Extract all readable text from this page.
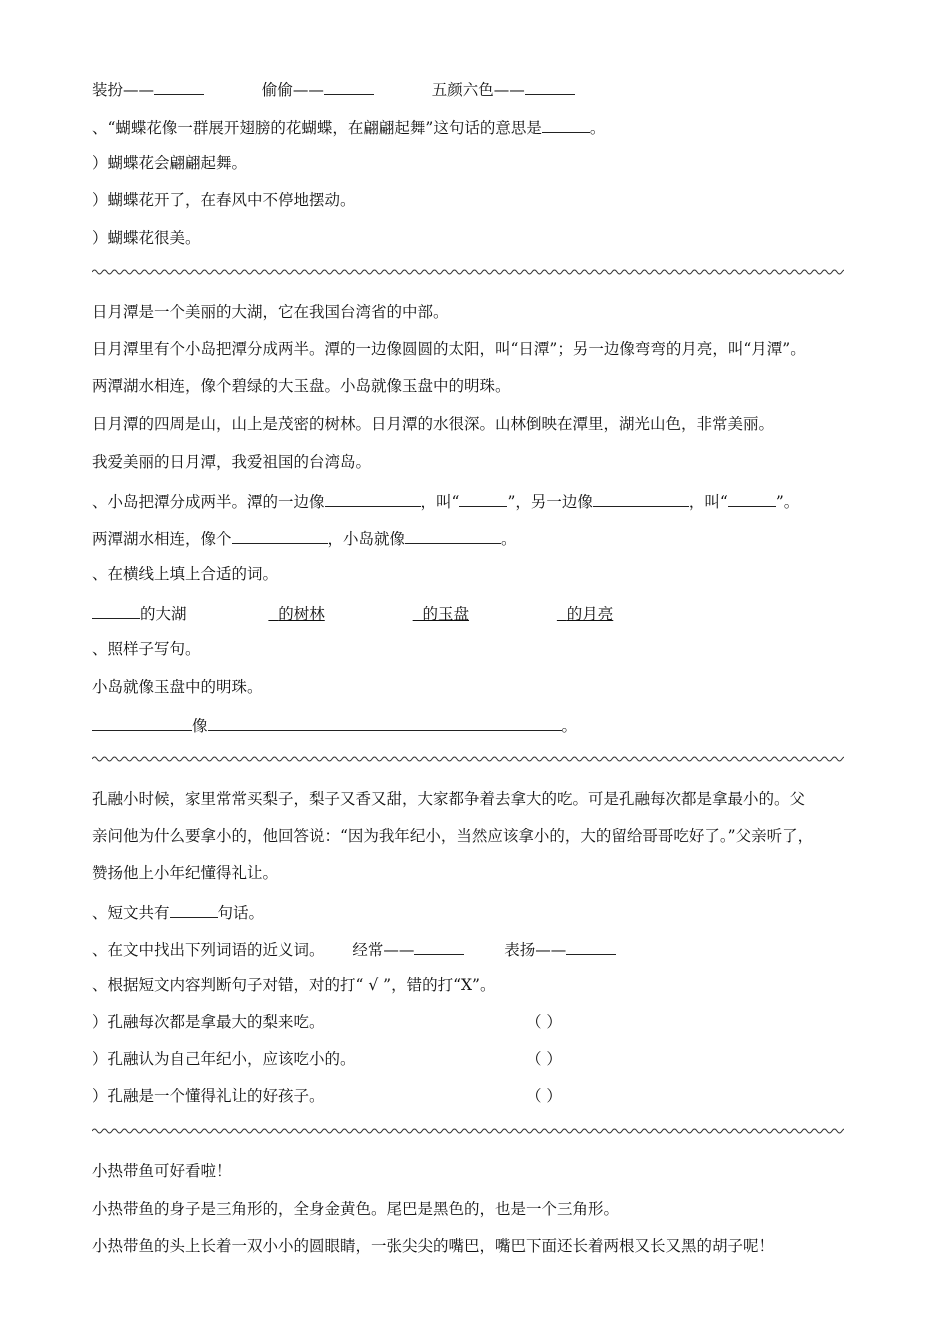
装扮——	偷偷——	五颜六色——
、“蝴蝶花像一群展开翅膀的花蝴蝶，在翩翩起舞”这句话的意思是	。
）蝴蝶花会翩翩起舞。
）蝴蝶花开了，在春风中不停地摆动。
）蝴蝶花很美。
日月潭是一个美丽的大湖，它在我国台湾省的中部。
日月潭里有个小岛把潭分成两半。潭的一边像圆圆的太阳，叫“日潭”；另一边像弯弯的月亮，叫“月潭”。
两潭湖水相连，像个碧绿的大玉盘。小岛就像玉盘中的明珠。
日月潭的四周是山，山上是茂密的树林。日月潭的水很深。山林倒映在潭里，湖光山色，非常美丽。
我爱美丽的日月潭，我爱祖国的台湾岛。
、小岛把潭分成两半。潭的一边像	，叫“	”，另一边像	，叫“	”。
两潭湖水相连，像个	，小岛就像	。
、在横线上填上合适的词。
的大湖	的树林	的玉盘	的月亮
、照样子写句。
小岛就像玉盘中的明珠。
像	。
孔融小时候，家里常常买梨子，梨子又香又甜，大家都争着去拿大的吃。可是孔融每次都是拿最小的。父
亲问他为什么要拿小的，他回答说：“因为我年纪小，当然应该拿小的，大的留给哥哥吃好了。”父亲听了，
赞扬他上小年纪懂得礼让。
、短文共有	句话。
、在文中找出下列词语的近义词。 经常——	表扬——
、根据短文内容判断句子对错，对的打“ √ ”，错的打“X”。
）孔融每次都是拿最大的梨来吃。	（ ）
）孔融认为自己年纪小，应该吃小的。	（ ）
）孔融是一个懂得礼让的好孩子。	（ ）
小热带鱼可好看啦！
小热带鱼的身子是三角形的，全身金黄色。尾巴是黑色的，也是一个三角形。
小热带鱼的头上长着一双小小的圆眼睛，一张尖尖的嘴巴，嘴巴下面还长着两根又长又黑的胡子呢！
